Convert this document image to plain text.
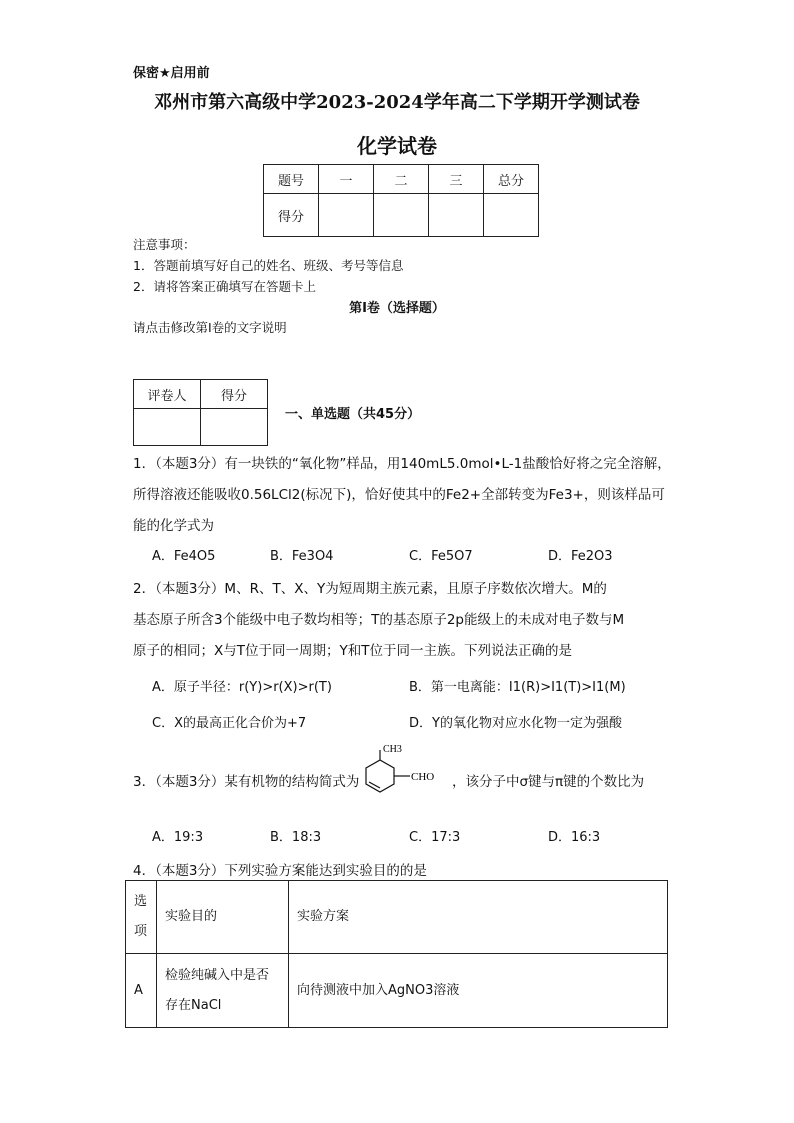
保密★启用前
邓州市第六高级中学2023-2024学年高二下学期开学测试卷
化学试卷
题号	一	二	三	总分
得分				
注意事项：
1．答题前填写好自己的姓名、班级、考号等信息
2．请将答案正确填写在答题卡上
第I卷（选择题）
请点击修改第I卷的文字说明
评卷人	得分

一、单选题（共45分）
1．（本题3分）有一块铁的“氧化物”样品，用140mL5.0mol•L-1盐酸恰好将之完全溶解，
所得溶液还能吸收0.56LCl2(标况下)，恰好使其中的Fe2+全部转变为Fe3+，则该样品可
能的化学式为
A．Fe4O5	B．Fe3O4	C．Fe5O7	D．Fe2O3
2．（本题3分）M、R、T、X、Y为短周期主族元素，且原子序数依次增大。M的
基态原子所含3个能级中电子数均相等；T的基态原子2p能级上的未成对电子数与M
原子的相同；X与T位于同一周期；Y和T位于同一主族。下列说法正确的是
A．原子半径：r(Y)>r(X)>r(T)	B．第一电离能：I1(R)>I1(T)>I1(M)
C．X的最高正化合价为+7	D．Y的氧化物对应水化物一定为强酸
3．（本题3分）某有机物的结构简式为
CH3
CHO ，该分子中σ键与π键的个数比为
A．19:3	B．18:3	C．17:3	D．16:3
4．（本题3分）下列实验方案能达到实验目的的是
选
项	实验目的	实验方案
A	检验纯碱入中是否
存在NaCl	向待测液中加入AgNO3溶液
